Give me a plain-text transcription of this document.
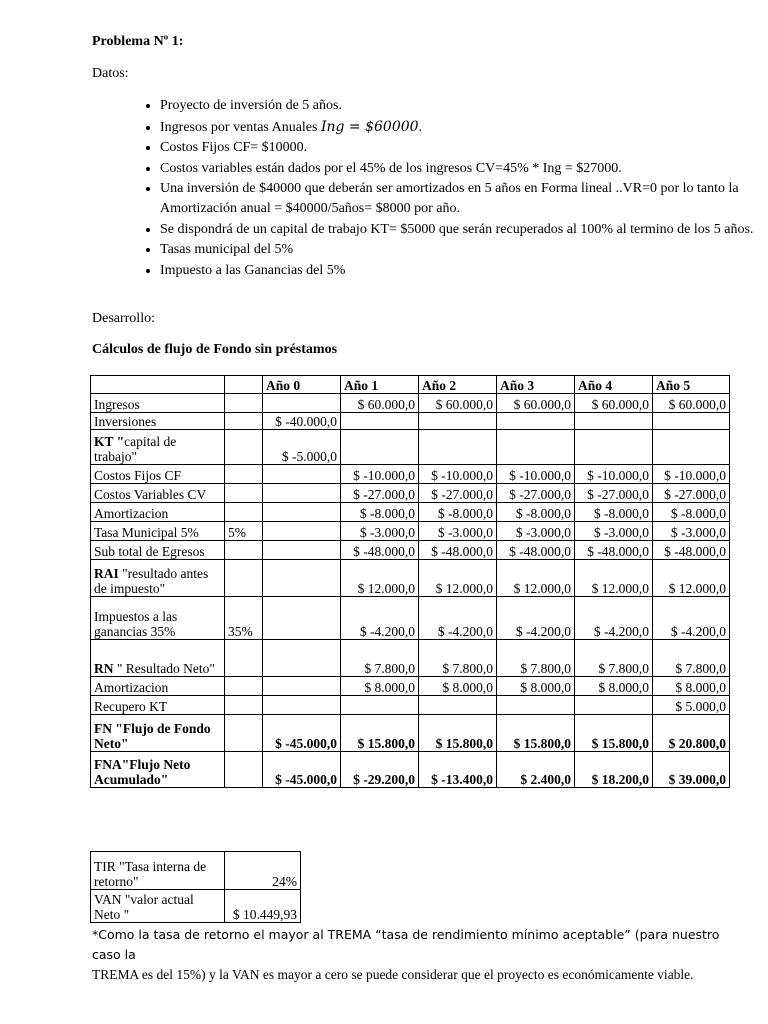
Problema Nº 1:
Datos:
• Proyecto de inversión de 5 años.
• Ingresos por ventas Anuales Ing = $60000.
• Costos Fijos CF= $10000.
• Costos variables están dados por el 45% de los ingresos CV=45% * Ing = $27000.
• Una inversión de $40000 que deberán ser amortizados en 5 años en Forma lineal ..VR=0 por lo tanto la Amortización anual = $40000/5años= $8000 por año.
• Se dispondrá de un capital de trabajo KT= $5000 que serán recuperados al 100% al termino de los 5 años.
• Tasas municipal del 5%
• Impuesto a las Ganancias del 5%
Desarrollo:
Cálculos de flujo de Fondo sin préstamos
		Año 0	Año 1	Año 2	Año 3	Año 4	Año 5
Ingresos			$ 60.000,0	$ 60.000,0	$ 60.000,0	$ 60.000,0	$ 60.000,0
Inversiones		$ -40.000,0					
KT "capital de trabajo"		$ -5.000,0					
Costos Fijos CF			$ -10.000,0	$ -10.000,0	$ -10.000,0	$ -10.000,0	$ -10.000,0
Costos Variables CV			$ -27.000,0	$ -27.000,0	$ -27.000,0	$ -27.000,0	$ -27.000,0
Amortizacion			$ -8.000,0	$ -8.000,0	$ -8.000,0	$ -8.000,0	$ -8.000,0
Tasa Municipal 5%	5%		$ -3.000,0	$ -3.000,0	$ -3.000,0	$ -3.000,0	$ -3.000,0
Sub total de Egresos			$ -48.000,0	$ -48.000,0	$ -48.000,0	$ -48.000,0	$ -48.000,0
RAI "resultado antes de impuesto"			$ 12.000,0	$ 12.000,0	$ 12.000,0	$ 12.000,0	$ 12.000,0
Impuestos a las ganancias 35%	35%		$ -4.200,0	$ -4.200,0	$ -4.200,0	$ -4.200,0	$ -4.200,0
RN " Resultado Neto"			$ 7.800,0	$ 7.800,0	$ 7.800,0	$ 7.800,0	$ 7.800,0
Amortizacion			$ 8.000,0	$ 8.000,0	$ 8.000,0	$ 8.000,0	$ 8.000,0
Recupero KT							$ 5.000,0
FN "Flujo de Fondo Neto"		$ -45.000,0	$ 15.800,0	$ 15.800,0	$ 15.800,0	$ 15.800,0	$ 20.800,0
FNA"Flujo Neto Acumulado"		$ -45.000,0	$ -29.200,0	$ -13.400,0	$ 2.400,0	$ 18.200,0	$ 39.000,0
TIR "Tasa interna de retorno"	24%
VAN "valor actual Neto "	$ 10.449,93
*Como la tasa de retorno el mayor al TREMA “tasa de rendimiento mínimo aceptable” (para nuestro caso la
TREMA es del 15%) y la VAN es mayor a cero se puede considerar que el proyecto es económicamente viable.
